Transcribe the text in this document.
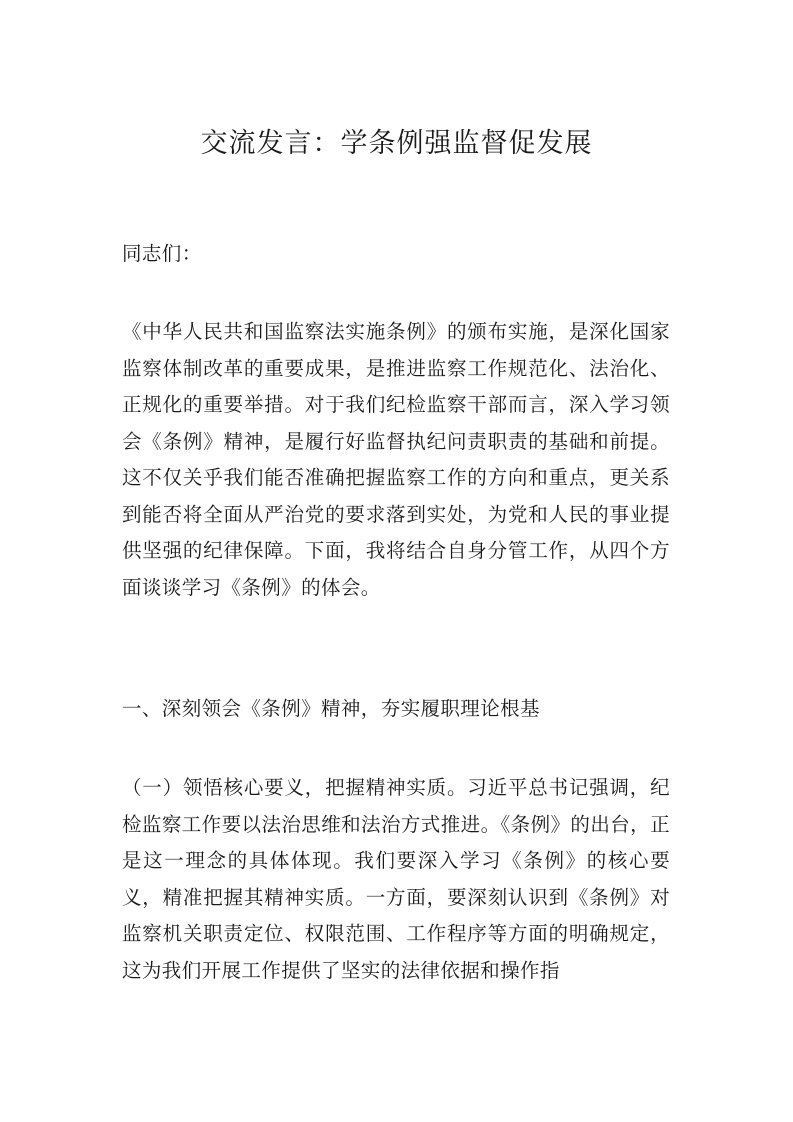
交流发言：学条例强监督促发展

同志们：

《中华人民共和国监察法实施条例》的颁布实施，是深化国家监察体制改革的重要成果，是推进监察工作规范化、法治化、正规化的重要举措。对于我们纪检监察干部而言，深入学习领会《条例》精神，是履行好监督执纪问责职责的基础和前提。这不仅关乎我们能否准确把握监察工作的方向和重点，更关系到能否将全面从严治党的要求落到实处，为党和人民的事业提供坚强的纪律保障。下面，我将结合自身分管工作，从四个方面谈谈学习《条例》的体会。

一、深刻领会《条例》精神，夯实履职理论根基

（一）领悟核心要义，把握精神实质。习近平总书记强调，纪检监察工作要以法治思维和法治方式推进。《条例》的出台，正是这一理念的具体体现。我们要深入学习《条例》的核心要义，精准把握其精神实质。一方面，要深刻认识到《条例》对监察机关职责定位、权限范围、工作程序等方面的明确规定，这为我们开展工作提供了坚实的法律依据和操作指
